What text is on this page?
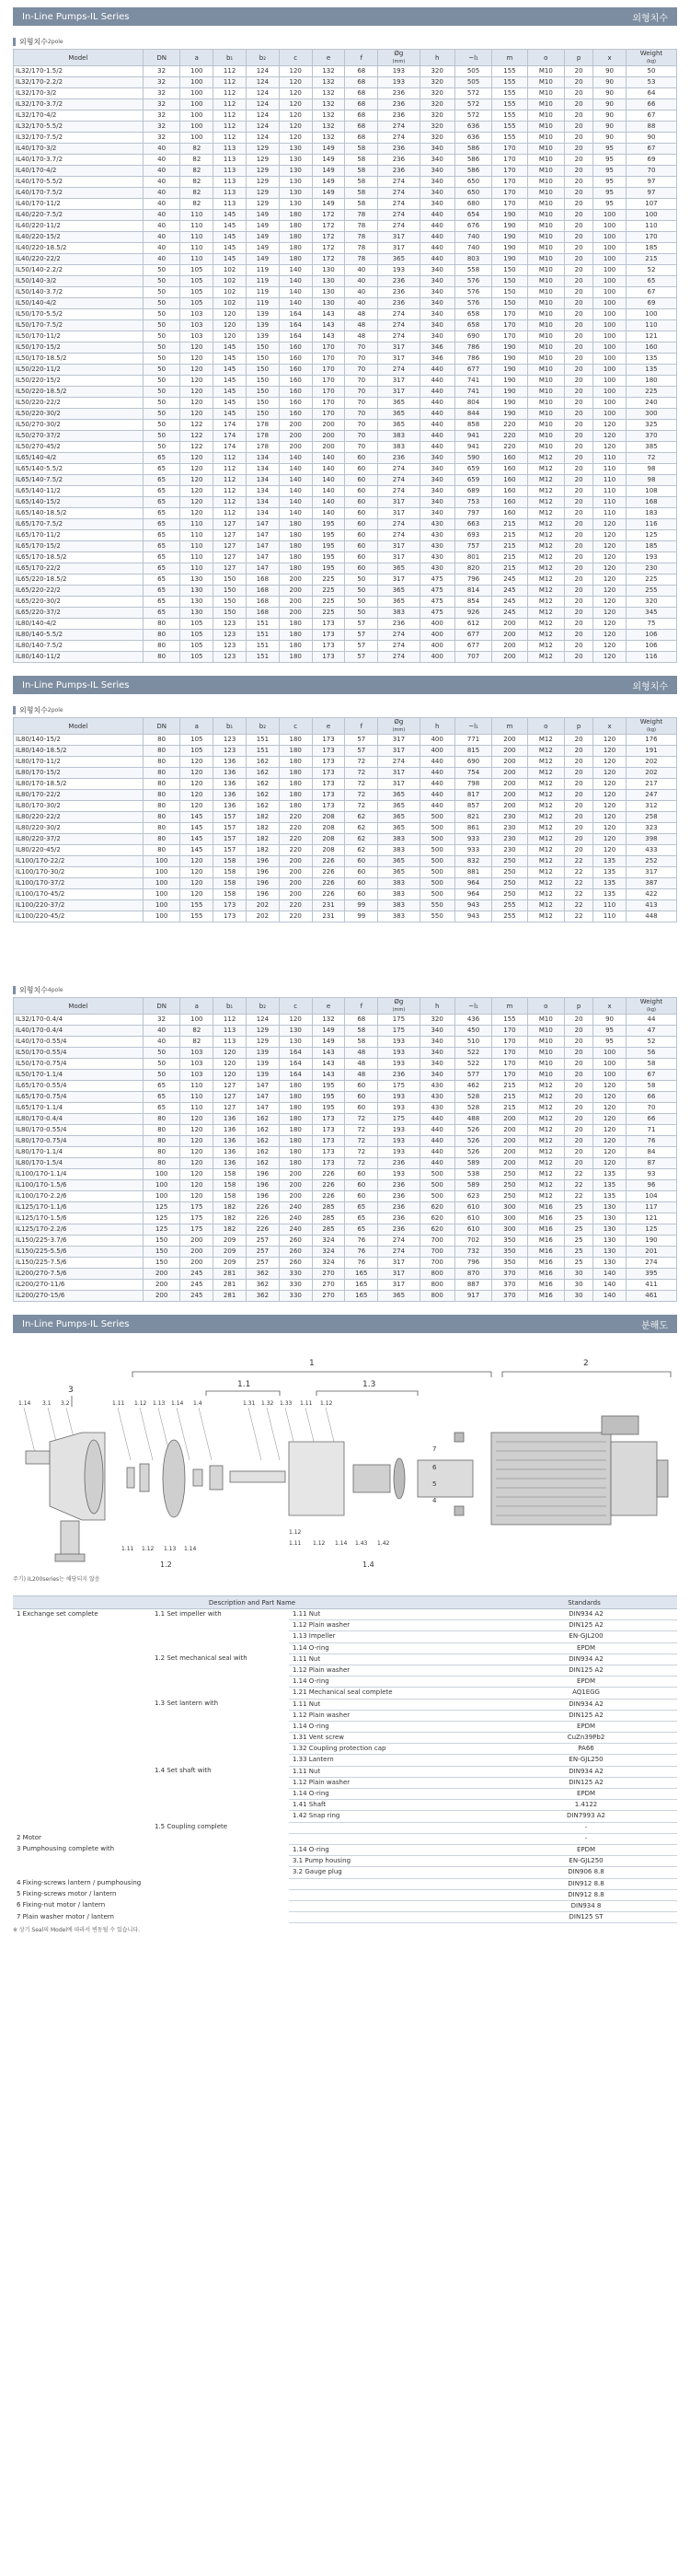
In-Line Pumps-IL Series	외형치수
외형치수 2pole
Model	DN	a	b₁	b₂	c	e	f	Øg
(mm)	h	~l₁	m	o	p	x	Weight
(kg)
IL32/170-1.5/2	32	100	112	124	120	132	68	193	320	505	155	M10	20	90	50
IL32/170-2.2/2	32	100	112	124	120	132	68	193	320	505	155	M10	20	90	53
IL32/170-3/2	32	100	112	124	120	132	68	236	320	572	155	M10	20	90	64
IL32/170-3.7/2	32	100	112	124	120	132	68	236	320	572	155	M10	20	90	66
IL32/170-4/2	32	100	112	124	120	132	68	236	320	572	155	M10	20	90	67
IL32/170-5.5/2	32	100	112	124	120	132	68	274	320	636	155	M10	20	90	88
IL32/170-7.5/2	32	100	112	124	120	132	68	274	320	636	155	M10	20	90	90
IL40/170-3/2	40	82	113	129	130	149	58	236	340	586	170	M10	20	95	67
IL40/170-3.7/2	40	82	113	129	130	149	58	236	340	586	170	M10	20	95	69
IL40/170-4/2	40	82	113	129	130	149	58	236	340	586	170	M10	20	95	70
IL40/170-5.5/2	40	82	113	129	130	149	58	274	340	650	170	M10	20	95	97
IL40/170-7.5/2	40	82	113	129	130	149	58	274	340	650	170	M10	20	95	97
IL40/170-11/2	40	82	113	129	130	149	58	274	340	680	170	M10	20	95	107
IL40/220-7.5/2	40	110	145	149	180	172	78	274	440	654	190	M10	20	100	100
IL40/220-11/2	40	110	145	149	180	172	78	274	440	676	190	M10	20	100	110
IL40/220-15/2	40	110	145	149	180	172	78	317	440	740	190	M10	20	100	170
IL40/220-18.5/2	40	110	145	149	180	172	78	317	440	740	190	M10	20	100	185
IL40/220-22/2	40	110	145	149	180	172	78	365	440	803	190	M10	20	100	215
IL50/140-2.2/2	50	105	102	119	140	130	40	193	340	558	150	M10	20	100	52
IL50/140-3/2	50	105	102	119	140	130	40	236	340	576	150	M10	20	100	65
IL50/140-3.7/2	50	105	102	119	140	130	40	236	340	576	150	M10	20	100	67
IL50/140-4/2	50	105	102	119	140	130	40	236	340	576	150	M10	20	100	69
IL50/170-5.5/2	50	103	120	139	164	143	48	274	340	658	170	M10	20	100	100
IL50/170-7.5/2	50	103	120	139	164	143	48	274	340	658	170	M10	20	100	110
IL50/170-11/2	50	103	120	139	164	143	48	274	340	690	170	M10	20	100	121
IL50/170-15/2	50	120	145	150	160	170	70	317	346	786	190	M10	20	100	160
IL50/170-18.5/2	50	120	145	150	160	170	70	317	346	786	190	M10	20	100	135
IL50/220-11/2	50	120	145	150	160	170	70	274	440	677	190	M10	20	100	135
IL50/220-15/2	50	120	145	150	160	170	70	317	440	741	190	M10	20	100	180
IL50/220-18.5/2	50	120	145	150	160	170	70	317	440	741	190	M10	20	100	225
IL50/220-22/2	50	120	145	150	160	170	70	365	440	804	190	M10	20	100	240
IL50/220-30/2	50	120	145	150	160	170	70	365	440	844	190	M10	20	100	300
IL50/270-30/2	50	122	174	178	200	200	70	365	440	858	220	M10	20	120	325
IL50/270-37/2	50	122	174	178	200	200	70	383	440	941	220	M10	20	120	370
IL50/270-45/2	50	122	174	178	200	200	70	383	440	941	220	M10	20	120	385
IL65/140-4/2	65	120	112	134	140	140	60	236	340	590	160	M12	20	110	72
IL65/140-5.5/2	65	120	112	134	140	140	60	274	340	659	160	M12	20	110	98
IL65/140-7.5/2	65	120	112	134	140	140	60	274	340	659	160	M12	20	110	98
IL65/140-11/2	65	120	112	134	140	140	60	274	340	689	160	M12	20	110	108
IL65/140-15/2	65	120	112	134	140	140	60	317	340	753	160	M12	20	110	168
IL65/140-18.5/2	65	120	112	134	140	140	60	317	340	797	160	M12	20	110	183
IL65/170-7.5/2	65	110	127	147	180	195	60	274	430	663	215	M12	20	120	116
IL65/170-11/2	65	110	127	147	180	195	60	274	430	693	215	M12	20	120	125
IL65/170-15/2	65	110	127	147	180	195	60	317	430	757	215	M12	20	120	185
IL65/170-18.5/2	65	110	127	147	180	195	60	317	430	801	215	M12	20	120	193
IL65/170-22/2	65	110	127	147	180	195	60	365	430	820	215	M12	20	120	230
IL65/220-18.5/2	65	130	150	168	200	225	50	317	475	796	245	M12	20	120	225
IL65/220-22/2	65	130	150	168	200	225	50	365	475	814	245	M12	20	120	255
IL65/220-30/2	65	130	150	168	200	225	50	365	475	854	245	M12	20	120	320
IL65/220-37/2	65	130	150	168	200	225	50	383	475	926	245	M12	20	120	345
IL80/140-4/2	80	105	123	151	180	173	57	236	400	612	200	M12	20	120	75
IL80/140-5.5/2	80	105	123	151	180	173	57	274	400	677	200	M12	20	120	106
IL80/140-7.5/2	80	105	123	151	180	173	57	274	400	677	200	M12	20	120	106
IL80/140-11/2	80	105	123	151	180	173	57	274	400	707	200	M12	20	120	116
In-Line Pumps-IL Series	외형치수
외형치수 2pole
Model	DN	a	b₁	b₂	c	e	f	Øg
(mm)	h	~l₁	m	o	p	x	Weight
(kg)
IL80/140-15/2	80	105	123	151	180	173	57	317	400	771	200	M12	20	120	176
IL80/140-18.5/2	80	105	123	151	180	173	57	317	400	815	200	M12	20	120	191
IL80/170-11/2	80	120	136	162	180	173	72	274	440	690	200	M12	20	120	202
IL80/170-15/2	80	120	136	162	180	173	72	317	440	754	200	M12	20	120	202
IL80/170-18.5/2	80	120	136	162	180	173	72	317	440	798	200	M12	20	120	217
IL80/170-22/2	80	120	136	162	180	173	72	365	440	817	200	M12	20	120	247
IL80/170-30/2	80	120	136	162	180	173	72	365	440	857	200	M12	20	120	312
IL80/220-22/2	80	145	157	182	220	208	62	365	500	821	230	M12	20	120	258
IL80/220-30/2	80	145	157	182	220	208	62	365	500	861	230	M12	20	120	323
IL80/220-37/2	80	145	157	182	220	208	62	383	500	933	230	M12	20	120	398
IL80/220-45/2	80	145	157	182	220	208	62	383	500	933	230	M12	20	120	433
IL100/170-22/2	100	120	158	196	200	226	60	365	500	832	250	M12	22	135	252
IL100/170-30/2	100	120	158	196	200	226	60	365	500	881	250	M12	22	135	317
IL100/170-37/2	100	120	158	196	200	226	60	383	500	964	250	M12	22	135	387
IL100/170-45/2	100	120	158	196	200	226	60	383	500	964	250	M12	22	135	422
IL100/220-37/2	100	155	173	202	220	231	99	383	550	943	255	M12	22	110	413
IL100/220-45/2	100	155	173	202	220	231	99	383	550	943	255	M12	22	110	448
외형치수 4pole
Model	DN	a	b₁	b₂	c	e	f	Øg
(mm)	h	~l₁	m	o	p	x	Weight
(kg)
IL32/170-0.4/4	32	100	112	124	120	132	68	175	320	436	155	M10	20	90	44
IL40/170-0.4/4	40	82	113	129	130	149	58	175	340	450	170	M10	20	95	47
IL40/170-0.55/4	40	82	113	129	130	149	58	193	340	510	170	M10	20	95	52
IL50/170-0.55/4	50	103	120	139	164	143	48	193	340	522	170	M10	20	100	56
IL50/170-0.75/4	50	103	120	139	164	143	48	193	340	522	170	M10	20	100	58
IL50/170-1.1/4	50	103	120	139	164	143	48	236	340	577	170	M10	20	100	67
IL65/170-0.55/4	65	110	127	147	180	195	60	175	430	462	215	M12	20	120	58
IL65/170-0.75/4	65	110	127	147	180	195	60	193	430	528	215	M12	20	120	66
IL65/170-1.1/4	65	110	127	147	180	195	60	193	430	528	215	M12	20	120	70
IL80/170-0.4/4	80	120	136	162	180	173	72	175	440	488	200	M12	20	120	66
IL80/170-0.55/4	80	120	136	162	180	173	72	193	440	526	200	M12	20	120	71
IL80/170-0.75/4	80	120	136	162	180	173	72	193	440	526	200	M12	20	120	76
IL80/170-1.1/4	80	120	136	162	180	173	72	193	440	526	200	M12	20	120	84
IL80/170-1.5/4	80	120	136	162	180	173	72	236	440	589	200	M12	20	120	87
IL100/170-1.1/4	100	120	158	196	200	226	60	193	500	538	250	M12	22	135	93
IL100/170-1.5/6	100	120	158	196	200	226	60	236	500	589	250	M12	22	135	96
IL100/170-2.2/6	100	120	158	196	200	226	60	236	500	623	250	M12	22	135	104
IL125/170-1.1/6	125	175	182	226	240	285	65	236	620	610	300	M16	25	130	117
IL125/170-1.5/6	125	175	182	226	240	285	65	236	620	610	300	M16	25	130	121
IL125/170-2.2/6	125	175	182	226	240	285	65	236	620	610	300	M16	25	130	125
IL150/225-3.7/6	150	200	209	257	260	324	76	274	700	702	350	M16	25	130	190
IL150/225-5.5/6	150	200	209	257	260	324	76	274	700	732	350	M16	25	130	201
IL150/225-7.5/6	150	200	209	257	260	324	76	317	700	796	350	M16	25	130	274
IL200/270-7.5/6	200	245	281	362	330	270	165	317	800	870	370	M16	30	140	395
IL200/270-11/6	200	245	281	362	330	270	165	317	800	887	370	M16	30	140	411
IL200/270-15/6	200	245	281	362	330	270	165	365	800	917	370	M16	30	140	461
In-Line Pumps-IL Series	분해도
1	2
1.1	1.3
3
1.14 3.1 3.2	1.11 1.12 1.13 1.14 1.4	1.31 1.32 1.33 1.11 1.12
7
6
5
4
1.11 1.12 1.13 1.14
1.12
1.11 1.12 1.14 1.43 1.42
1.2	1.4
주기) IL200series는 해당되지 않음
Description and Part Name			Standards
1 Exchange set complete	1.1 Set impeller with	1.11 Nut	DIN934 A2
		1.12 Plain washer	DIN125 A2
		1.13 Impeller	EN-GJL200
		1.14 O-ring	EPDM
	1.2 Set mechanical seal with	1.11 Nut	DIN934 A2
		1.12 Plain washer	DIN125 A2
		1.14 O-ring	EPDM
		1.21 Mechanical seal complete	AQ1EGG
	1.3 Set lantern with	1.11 Nut	DIN934 A2
		1.12 Plain washer	DIN125 A2
		1.14 O-ring	EPDM
		1.31 Vent screw	CuZn39Pb2
		1.32 Coupling protection cap	PA66
		1.33 Lantern	EN-GJL250
	1.4 Set shaft with	1.11 Nut	DIN934 A2
		1.12 Plain washer	DIN125 A2
		1.14 O-ring	EPDM
		1.41 Shaft	1.4122
		1.42 Snap ring	DIN7993 A2
	1.5 Coupling complete		-
2 Motor			-
3 Pumphousing complete with		1.14 O-ring	EPDM
		3.1 Pump housing	EN-GJL250
		3.2 Gauge plug	DIN906 8.8
4 Fixing-screws lantern / pumphousing			DIN912 8.8
5 Fixing-screws motor / lantern			DIN912 8.8
6 Fixing-nut motor / lantern			DIN934 8
7 Plain washer motor / lantern			DIN125 ST
※ 상기 Seal의 Model에 따라서 변동될 수 있습니다.
